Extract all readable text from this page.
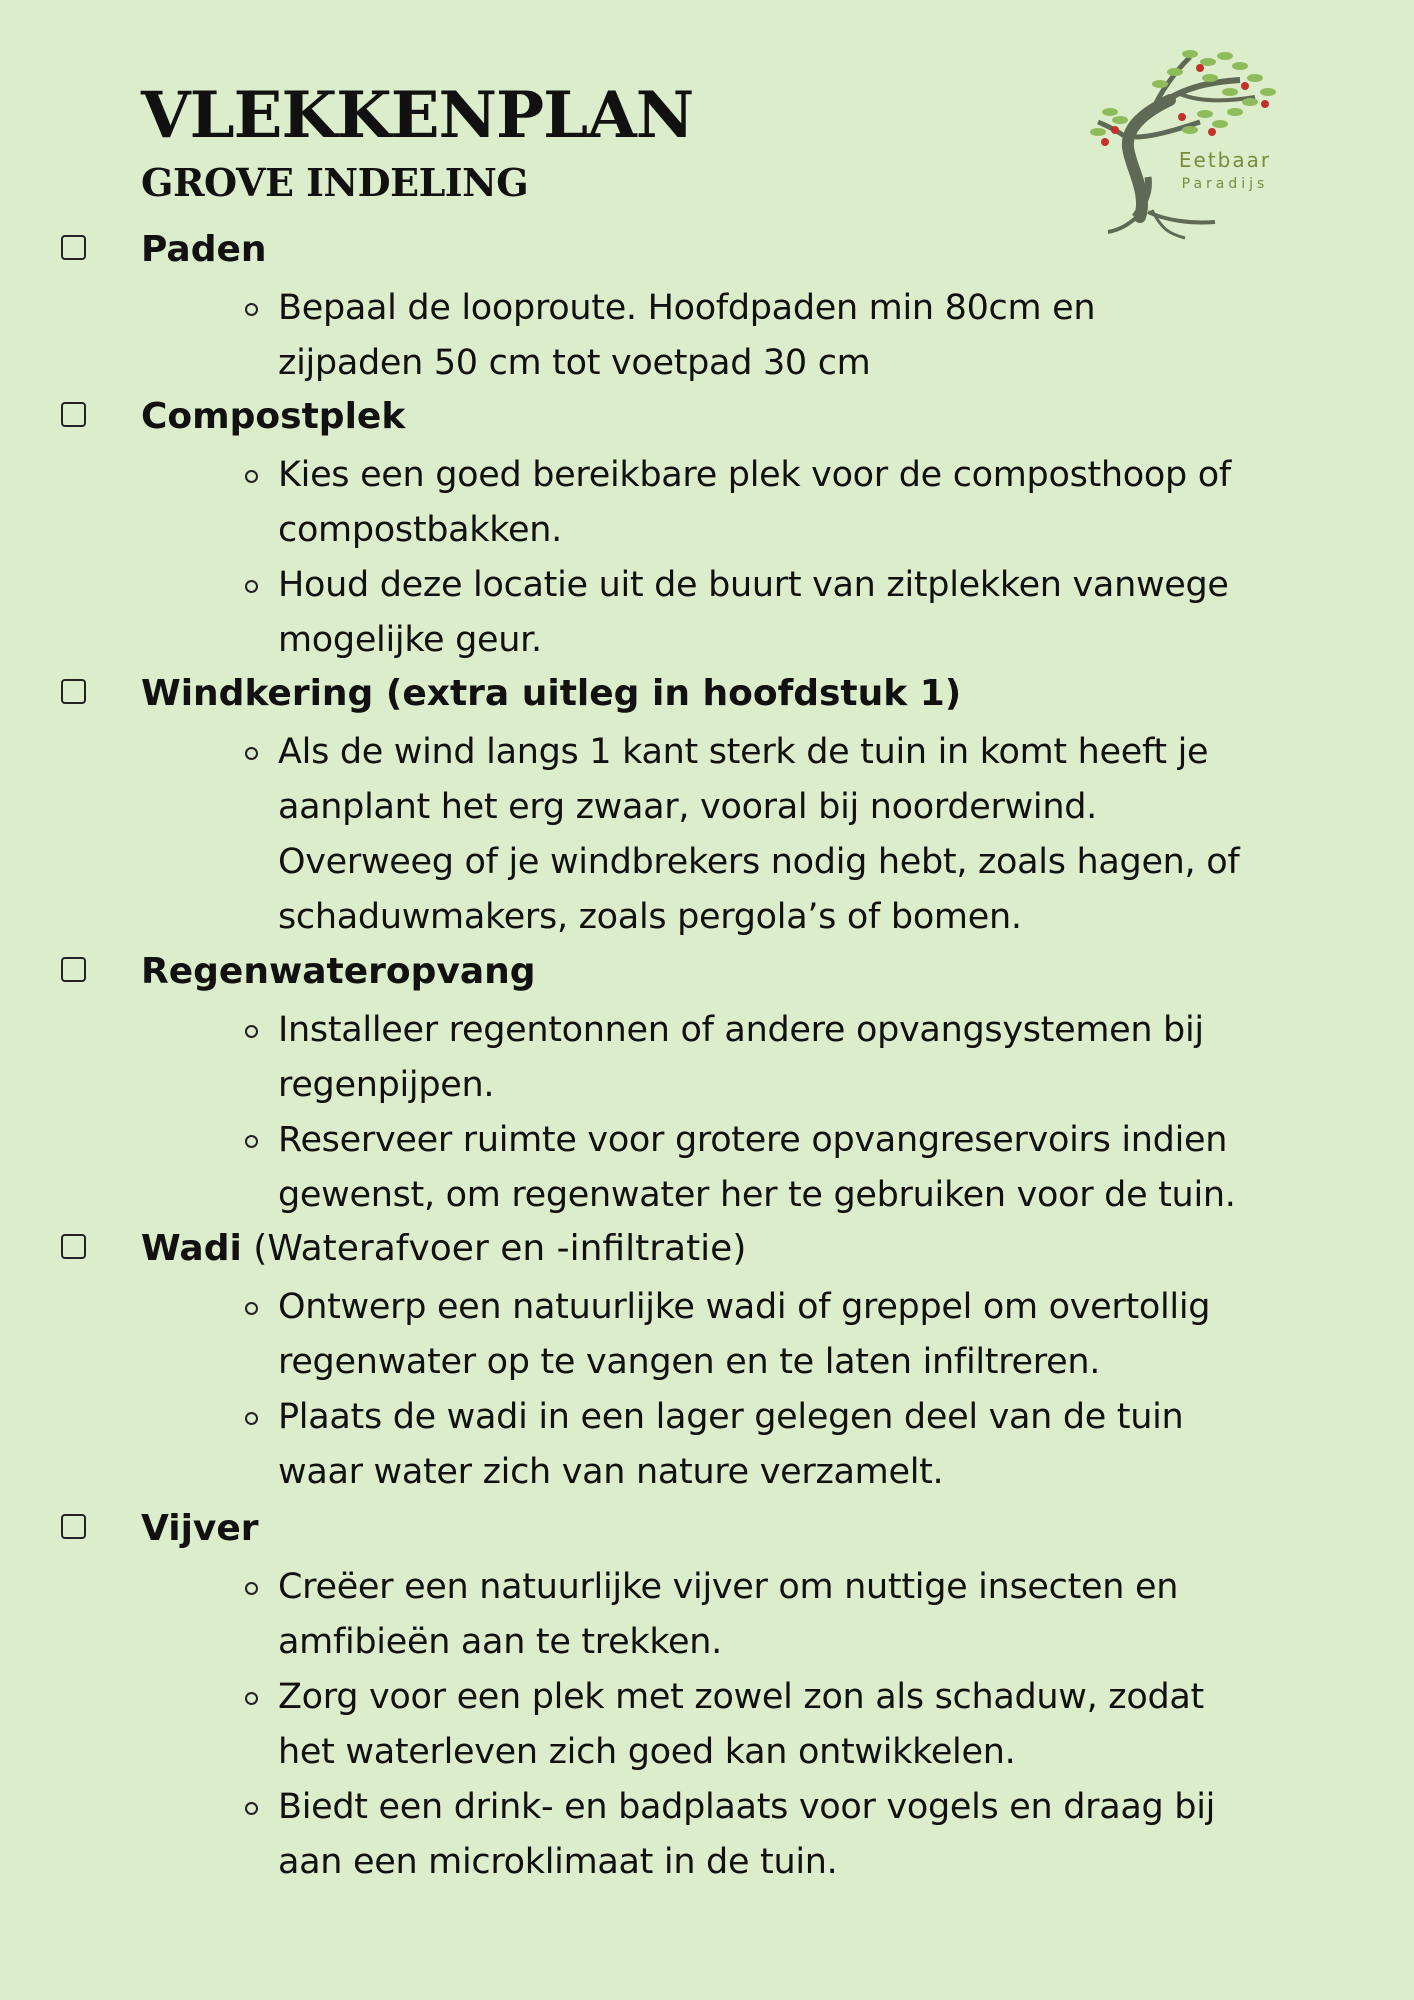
VLEKKENPLAN
GROVE INDELING	Eetbaar
Paradijs
Paden
Bepaal de looproute. Hoofdpaden min 80cm en
zijpaden 50 cm tot voetpad 30 cm
Compostplek
Kies een goed bereikbare plek voor de composthoop of
compostbakken.
Houd deze locatie uit de buurt van zitplekken vanwege
mogelijke geur.
Windkering (extra uitleg in hoofdstuk 1)
Als de wind langs 1 kant sterk de tuin in komt heeft je
aanplant het erg zwaar, vooral bij noorderwind.
Overweeg of je windbrekers nodig hebt, zoals hagen, of
schaduwmakers, zoals pergola’s of bomen.
Regenwateropvang
Installeer regentonnen of andere opvangsystemen bij
regenpijpen.
Reserveer ruimte voor grotere opvangreservoirs indien
gewenst, om regenwater her te gebruiken voor de tuin.
Wadi (Waterafvoer en -infiltratie)
Ontwerp een natuurlijke wadi of greppel om overtollig
regenwater op te vangen en te laten infiltreren.
Plaats de wadi in een lager gelegen deel van de tuin
waar water zich van nature verzamelt.
Vijver
Creëer een natuurlijke vijver om nuttige insecten en
amfibieën aan te trekken.
Zorg voor een plek met zowel zon als schaduw, zodat
het waterleven zich goed kan ontwikkelen.
Biedt een drink- en badplaats voor vogels en draag bij
aan een microklimaat in de tuin.
